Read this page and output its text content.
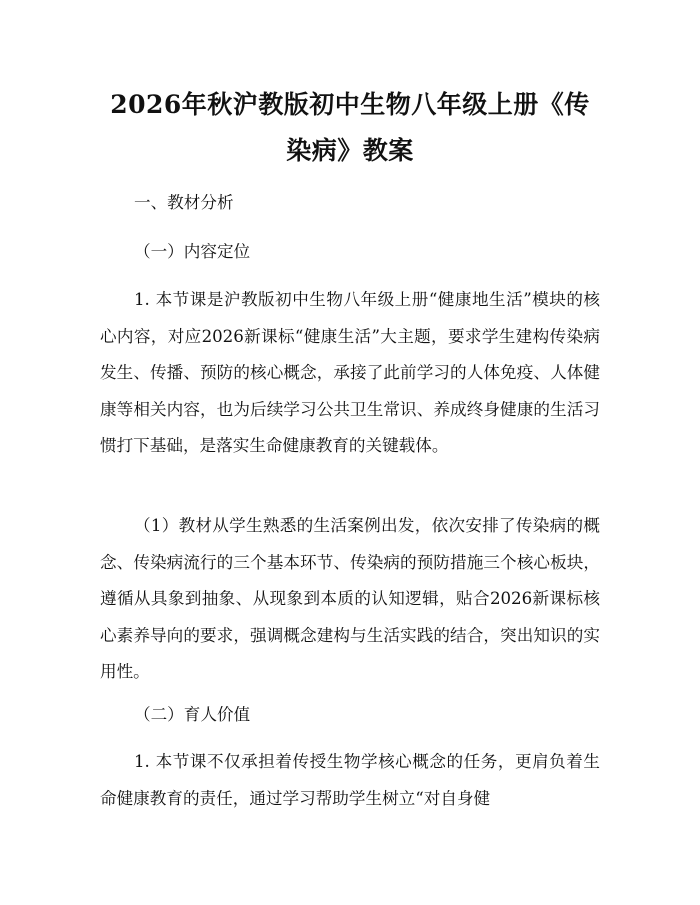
2026年秋沪教版初中生物八年级上册《传染病》教案

一、教材分析

（一）内容定位

1. 本节课是沪教版初中生物八年级上册“健康地生活”模块的核心内容，对应2026新课标“健康生活”大主题，要求学生建构传染病发生、传播、预防的核心概念，承接了此前学习的人体免疫、人体健康等相关内容，也为后续学习公共卫生常识、养成终身健康的生活习惯打下基础，是落实生命健康教育的关键载体。

（1）教材从学生熟悉的生活案例出发，依次安排了传染病的概念、传染病流行的三个基本环节、传染病的预防措施三个核心板块，遵循从具象到抽象、从现象到本质的认知逻辑，贴合2026新课标核心素养导向的要求，强调概念建构与生活实践的结合，突出知识的实用性。

（二）育人价值

1. 本节课不仅承担着传授生物学核心概念的任务，更肩负着生命健康教育的责任，通过学习帮助学生树立“对自身健
